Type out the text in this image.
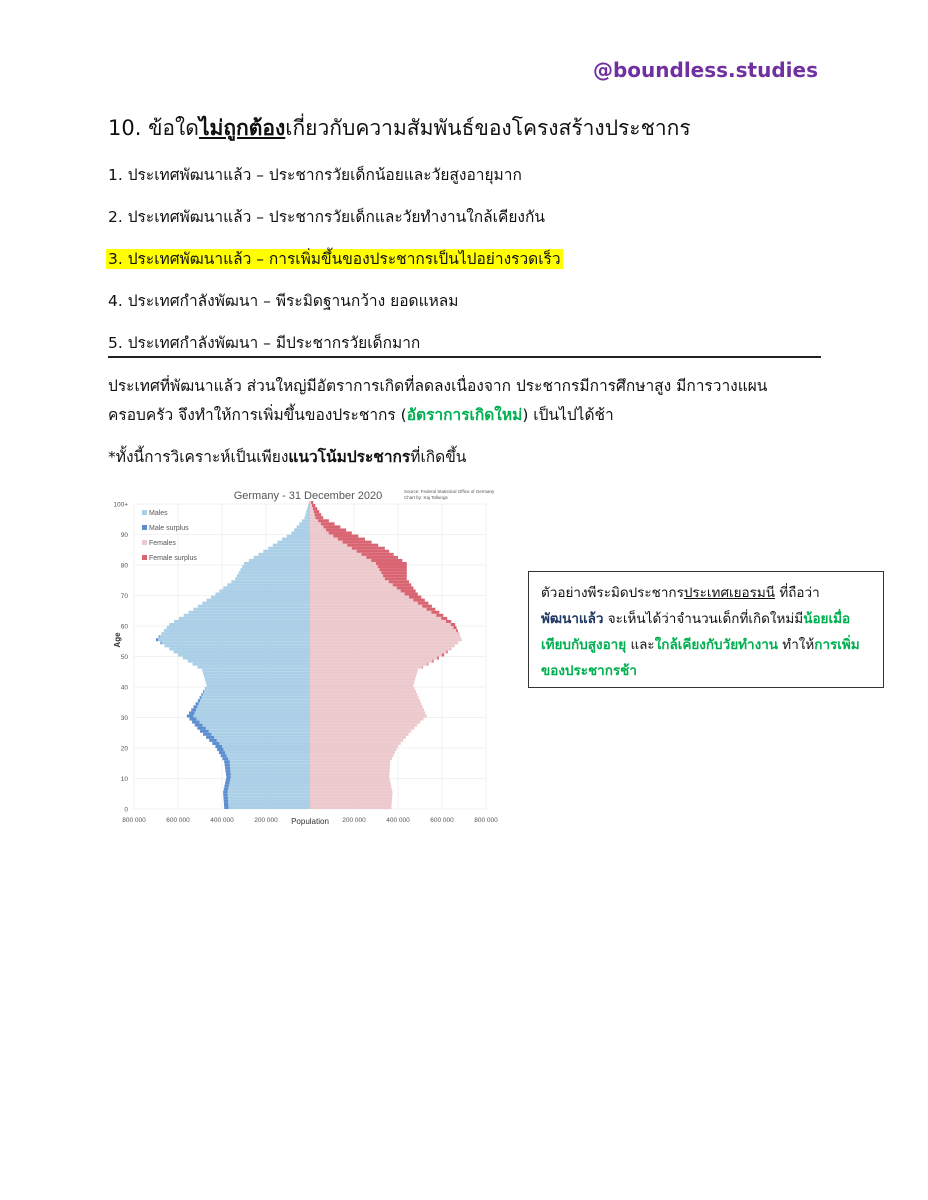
@boundless.studies
10. ข้อใดไม่ถูกต้องเกี่ยวกับความสัมพันธ์ของโครงสร้างประชากร
1. ประเทศพัฒนาแล้ว – ประชากรวัยเด็กน้อยและวัยสูงอายุมาก
2. ประเทศพัฒนาแล้ว – ประชากรวัยเด็กและวัยทำงานใกล้เคียงกัน
3. ประเทศพัฒนาแล้ว – การเพิ่มขึ้นของประชากรเป็นไปอย่างรวดเร็ว
4. ประเทศกำลังพัฒนา – พีระมิดฐานกว้าง ยอดแหลม
5. ประเทศกำลังพัฒนา – มีประชากรวัยเด็กมาก
ประเทศที่พัฒนาแล้ว ส่วนใหญ่มีอัตราการเกิดที่ลดลงเนื่องจาก ประชากรมีการศึกษาสูง มีการวางแผนครอบครัว จึงทำให้การเพิ่มขึ้นของประชากร (อัตราการเกิดใหม่) เป็นไปได้ช้า
*ทั้งนี้การวิเคราะห์เป็นเพียงแนวโน้มประชากรที่เกิดขึ้น
800 000	600 000	400 000	200 000	200 000	400 000	600 000	800 000
0
10
20
30
40
50
60
70
80
90
100+
Germany - 31 December 2020	Source: Federal Statistical Office of Germany
Chart by: Kaj Tallungs
Population
Age
Males
Male surplus
Females
Female surplus
ตัวอย่างพีระมิดประชากรประเทศเยอรมนี ที่ถือว่า
พัฒนาแล้ว จะเห็นได้ว่าจำนวนเด็กที่เกิดใหม่มีน้อยเมื่อเทียบกับสูงอายุ และใกล้เคียงกับวัยทำงาน ทำให้การเพิ่มของประชากรช้า
